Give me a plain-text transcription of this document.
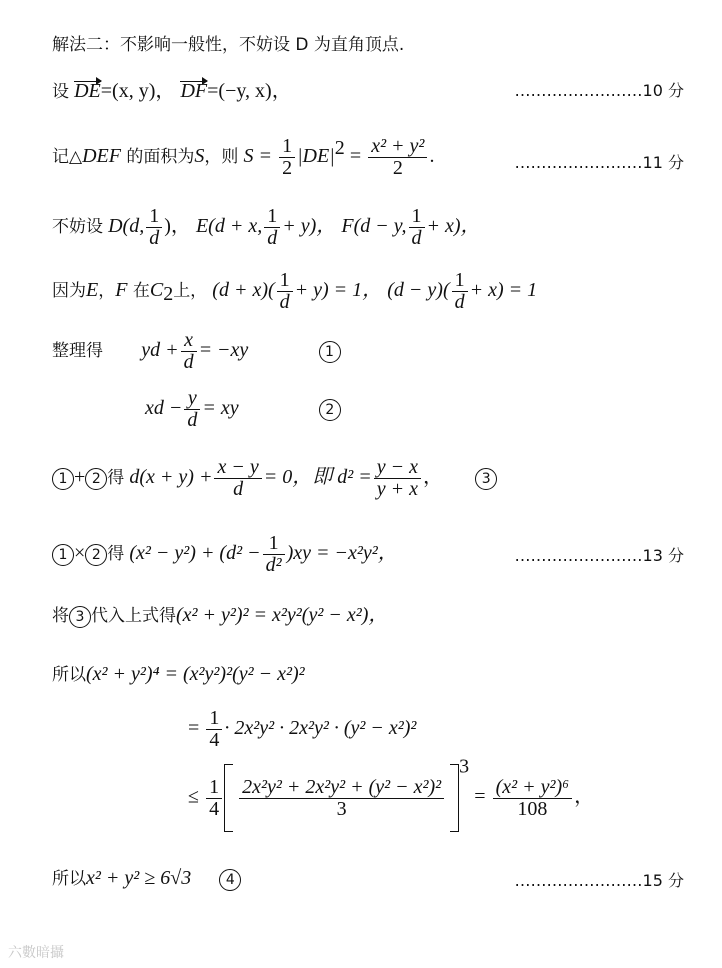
解法二：不影响一般性，不妨设 D 为直角顶点.
设 DE=(x, y)， DF=(−y, x)，	……………………10 分
记△DEF 的面积为S，则 $S = \frac{1}{2} |DE|^2 = \frac{\text{x² + y²}}{2}$ .	……………………11 分
不妨设 D(d, $\frac{1}{d}$ )， E(d + x, $\frac{1}{d} + y$)， F(d − y, $\frac{1}{d} + x$)，
因为E，F 在$C_2$上， $(d + x)( \frac{1}{d} + y) = 1$， $(d - y)( \frac{1}{d} + x) = 1$
整理得 yd + $\frac{x}{d} = -xy$	1
xd − $\frac{y}{d}$ = xy	2
1 + 2 得 $d(x + y) + \frac{x - y}{d} = 0$，即 $d^2 = \frac{y - x}{y + x}$ ，	3
1 × 2 得 $(x^2 - y^2) + (d^2 - \frac{1}{\text{d²}} )xy = -x^2y^2$，	……………………13 分
将 3 代入上式得(x² + y²)² = x²y²(y² − x²)，
所以(x² + y²)⁴ = (x²y²)²(y² − x²)²
= $\frac{1}{4} \cdot 2x^2y^2 \cdot 2x^2y^2 \cdot (y^2 - x^2)^2$
≤ $\frac{1}{4} \frac{\text{2x²y² + 2x²y² + (y² − x²)²}}{3}$
$^3 = \frac{\text{(x² + y²)⁶}}{108}$ ，
所以x² + y² ≥ 6√3 4	……………………15 分
六數暗攝
